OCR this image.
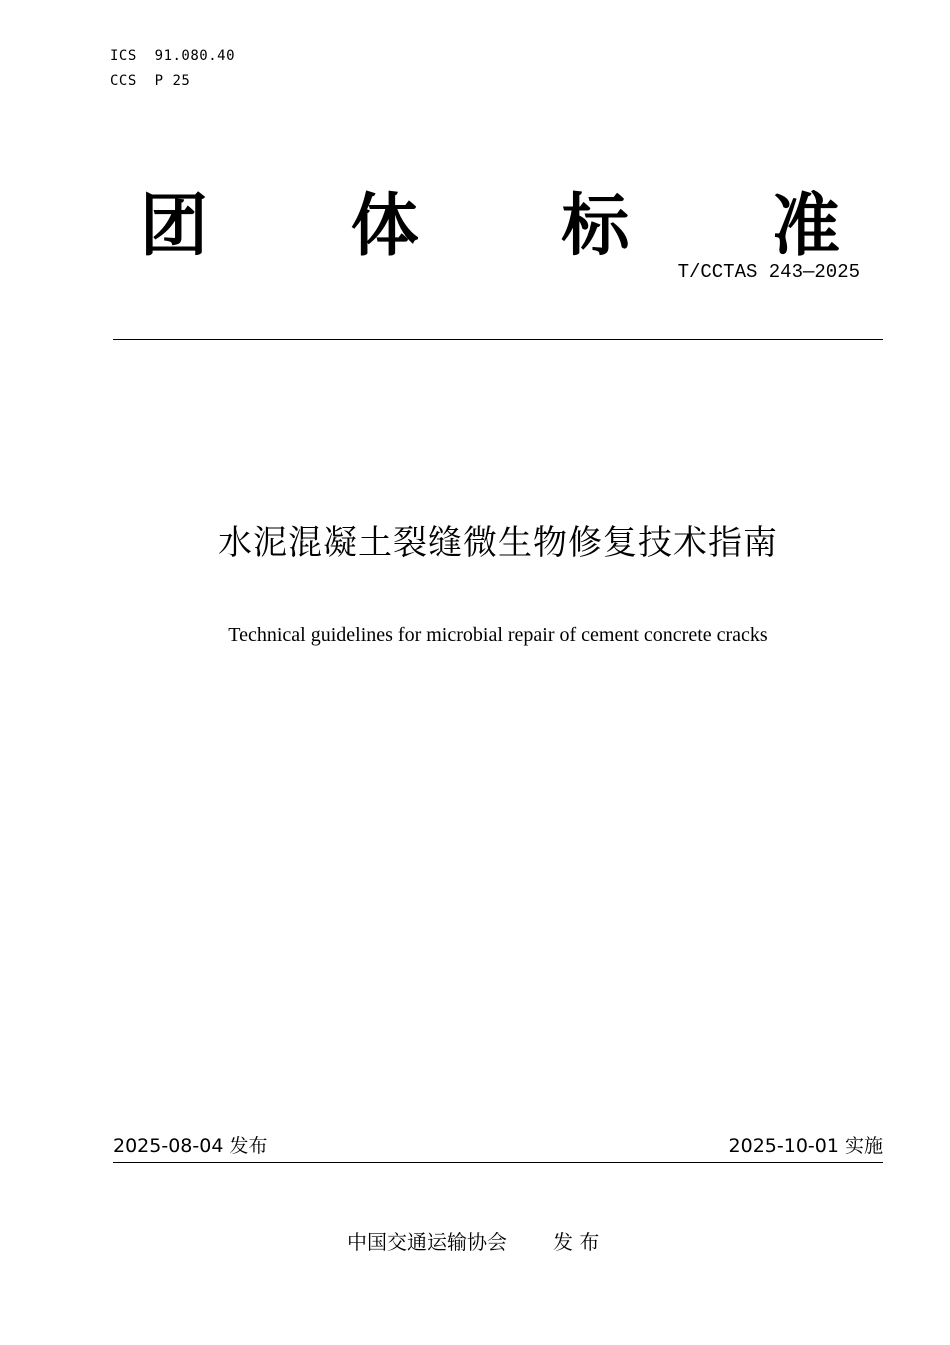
ICS  91.080.40
CCS  P 25
团 体 标 准
T/CCTAS 243—2025
水泥混凝土裂缝微生物修复技术指南
Technical guidelines for microbial repair of cement concrete cracks
2025-08-04 发布	2025-10-01 实施
中国交通运输协会 发 布
